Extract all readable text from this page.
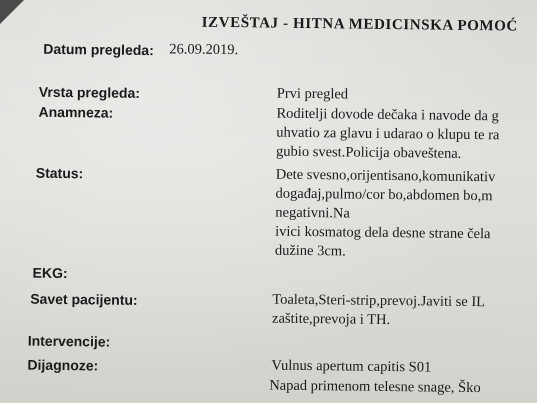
IZVEŠTAJ - HITNA MEDICINSKA POMOĆ
Datum pregleda: 26.09.2019.
Vrsta pregleda:	Prvi pregled
Anamneza:	Roditelji dovode dečaka i navode da g
uhvatio za glavu i udarao o klupu te ra
gubio svest.Policija obaveštena.
Status:	Dete svesno,orijentisano,komunikativ
događaj,pulmo/cor bo,abdomen bo,m
negativni.Na
ivici kosmatog dela desne strane čela
dužine 3cm.
EKG:
Savet pacijentu:	Toaleta,Steri-strip,prevoj.Javiti se IL
zaštite,prevoja i TH.
Intervencije:
Dijagnoze:	Vulnus apertum capitis S01
Napad primenom telesne snage, Ško
